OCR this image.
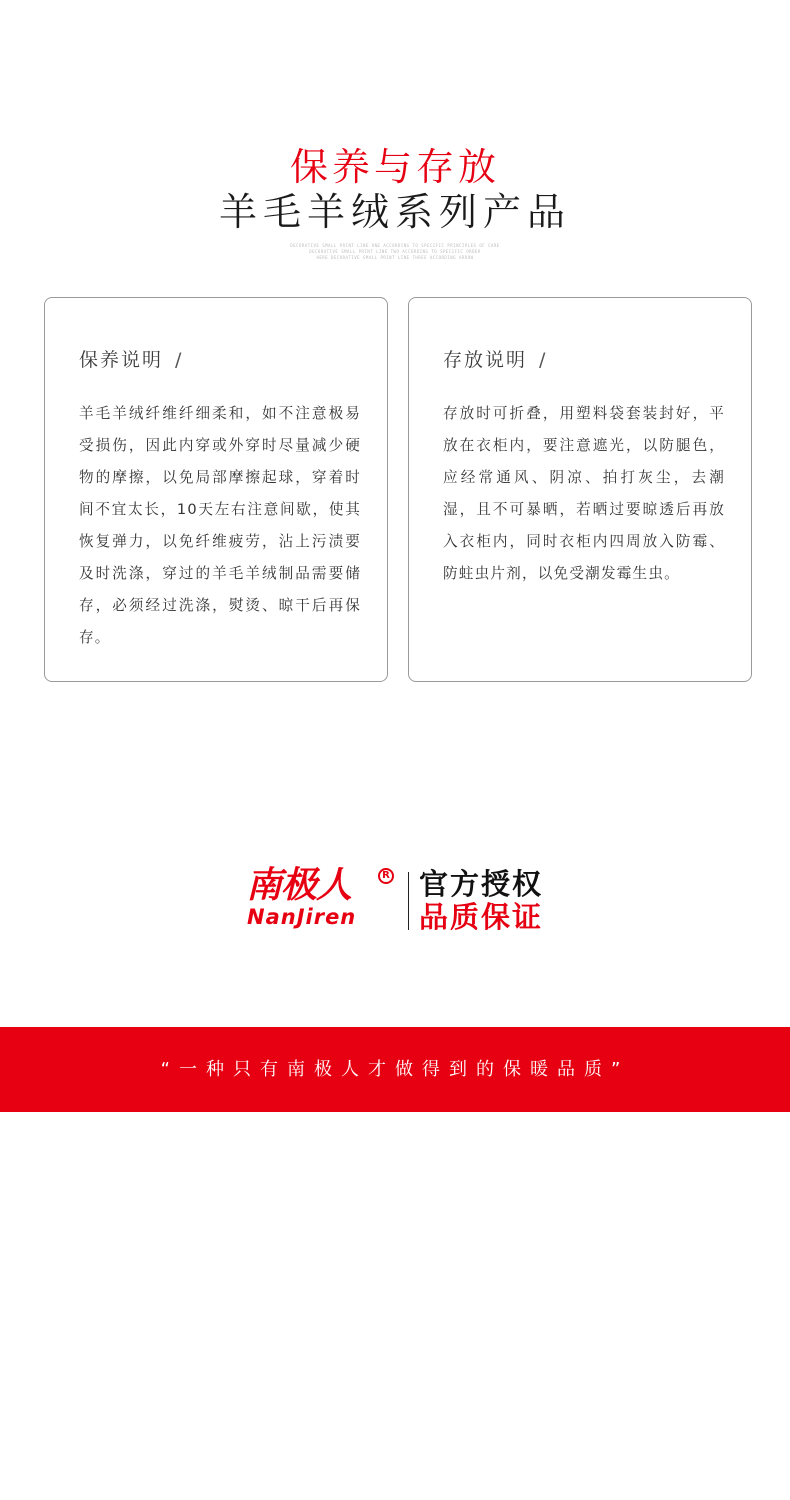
保养与存放
羊毛羊绒系列产品
DECORATIVE SMALL PRINT LINE ONE ACCORDING TO SPECIFIC PRINCIPLES OF CARE
DECORATIVE SMALL PRINT LINE TWO ACCORDING TO SPECIFIC ORDER
HERE DECORATIVE SMALL PRINT LINE THREE ACCORDING ARROW
保养说明 /
羊毛羊绒纤维纤细柔和，如不注意极易受损伤，因此内穿或外穿时尽量减少硬物的摩擦，以免局部摩擦起球，穿着时间不宜太长，10天左右注意间歇，使其恢复弹力，以免纤维疲劳，沾上污渍要及时洗涤，穿过的羊毛羊绒制品需要储存，必须经过洗涤，熨烫、晾干后再保存。
存放说明 /
存放时可折叠，用塑料袋套装封好，平放在衣柜内，要注意遮光，以防腿色，应经常通风、阴凉、拍打灰尘，去潮湿，且不可暴晒，若晒过要晾透后再放入衣柜内，同时衣柜内四周放入防霉、防蛀虫片剂，以免受潮发霉生虫。
南极人	R
NanJiren
官方授权
品质保证
“一种只有南极人才做得到的保暖品质”
